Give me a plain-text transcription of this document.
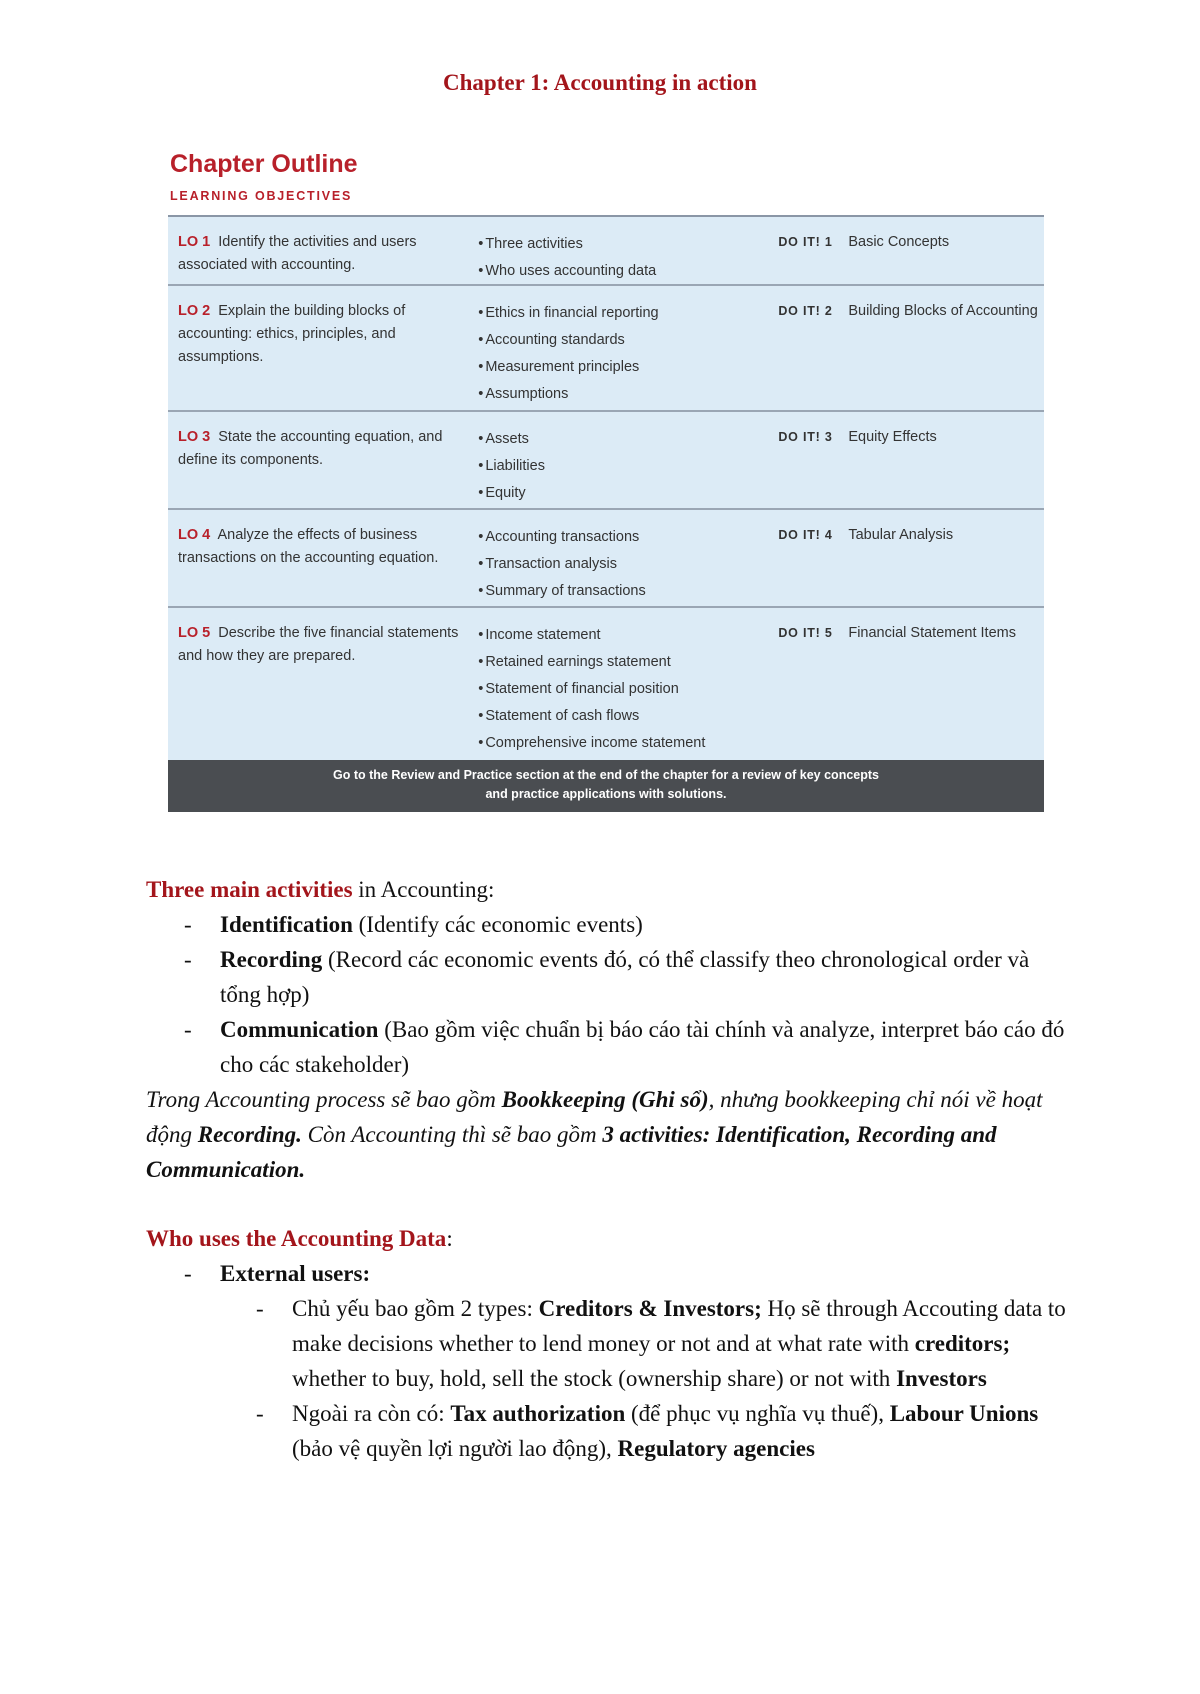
Chapter 1: Accounting in action
Chapter Outline
LEARNING OBJECTIVES
LO 1 Identify the activities and users associated with accounting.
• Three activities
• Who uses accounting data
DO IT! 1	Basic Concepts
LO 2 Explain the building blocks of accounting: ethics, principles, and assumptions.
• Ethics in financial reporting
• Accounting standards
• Measurement principles
• Assumptions
DO IT! 2	Building Blocks of Accounting
LO 3 State the accounting equation, and define its components.
• Assets
• Liabilities
• Equity
DO IT! 3	Equity Effects
LO 4 Analyze the effects of business transactions on the accounting equation.
• Accounting transactions
• Transaction analysis
• Summary of transactions
DO IT! 4	Tabular Analysis
LO 5 Describe the five financial statements and how they are prepared.
• Income statement
• Retained earnings statement
• Statement of financial position
• Statement of cash flows
• Comprehensive income statement
DO IT! 5	Financial Statement Items
Go to the Review and Practice section at the end of the chapter for a review of key concepts
and practice applications with solutions.
Three main activities in Accounting:
- Identification (Identify các economic events)
- Recording (Record các economic events đó, có thể classify theo chronological order và tổng hợp)
- Communication (Bao gồm việc chuẩn bị báo cáo tài chính và analyze, interpret báo cáo đó cho các stakeholder)
Trong Accounting process sẽ bao gồm Bookkeeping (Ghi sổ), nhưng bookkeeping chỉ nói về hoạt động Recording. Còn Accounting thì sẽ bao gồm 3 activities: Identification, Recording and Communication.
Who uses the Accounting Data:
- External users:
- Chủ yếu bao gồm 2 types: Creditors & Investors; Họ sẽ through Accouting data to make decisions whether to lend money or not and at what rate with creditors; whether to buy, hold, sell the stock (ownership share) or not with Investors
- Ngoài ra còn có: Tax authorization (để phục vụ nghĩa vụ thuế), Labour Unions (bảo vệ quyền lợi người lao động), Regulatory agencies
